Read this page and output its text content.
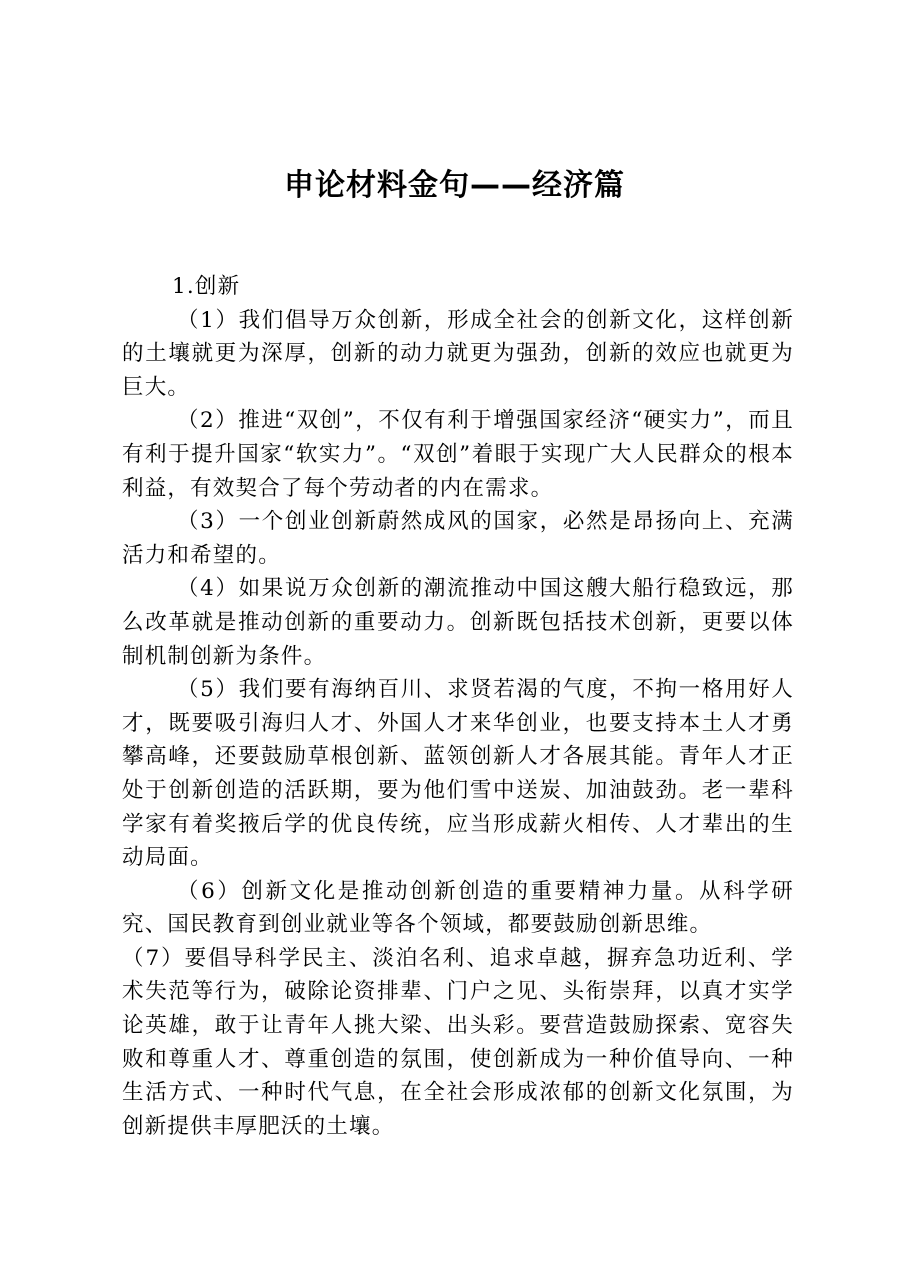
申论材料金句——经济篇

1.创新

（1）我们倡导万众创新，形成全社会的创新文化，这样创新的土壤就更为深厚，创新的动力就更为强劲，创新的效应也就更为巨大。

（2）推进“双创”，不仅有利于增强国家经济“硬实力”，而且有利于提升国家“软实力”。“双创”着眼于实现广大人民群众的根本利益，有效契合了每个劳动者的内在需求。

（3）一个创业创新蔚然成风的国家，必然是昂扬向上、充满活力和希望的。

（4）如果说万众创新的潮流推动中国这艘大船行稳致远，那么改革就是推动创新的重要动力。创新既包括技术创新，更要以体制机制创新为条件。

（5）我们要有海纳百川、求贤若渴的气度，不拘一格用好人才，既要吸引海归人才、外国人才来华创业，也要支持本土人才勇攀高峰，还要鼓励草根创新、蓝领创新人才各展其能。青年人才正处于创新创造的活跃期，要为他们雪中送炭、加油鼓劲。老一辈科学家有着奖掖后学的优良传统，应当形成薪火相传、人才辈出的生动局面。

（6）创新文化是推动创新创造的重要精神力量。从科学研究、国民教育到创业就业等各个领域，都要鼓励创新思维。

（7）要倡导科学民主、淡泊名利、追求卓越，摒弃急功近利、学术失范等行为，破除论资排辈、门户之见、头衔崇拜，以真才实学论英雄，敢于让青年人挑大梁、出头彩。要营造鼓励探索、宽容失败和尊重人才、尊重创造的氛围，使创新成为一种价值导向、一种生活方式、一种时代气息，在全社会形成浓郁的创新文化氛围，为创新提供丰厚肥沃的土壤。
